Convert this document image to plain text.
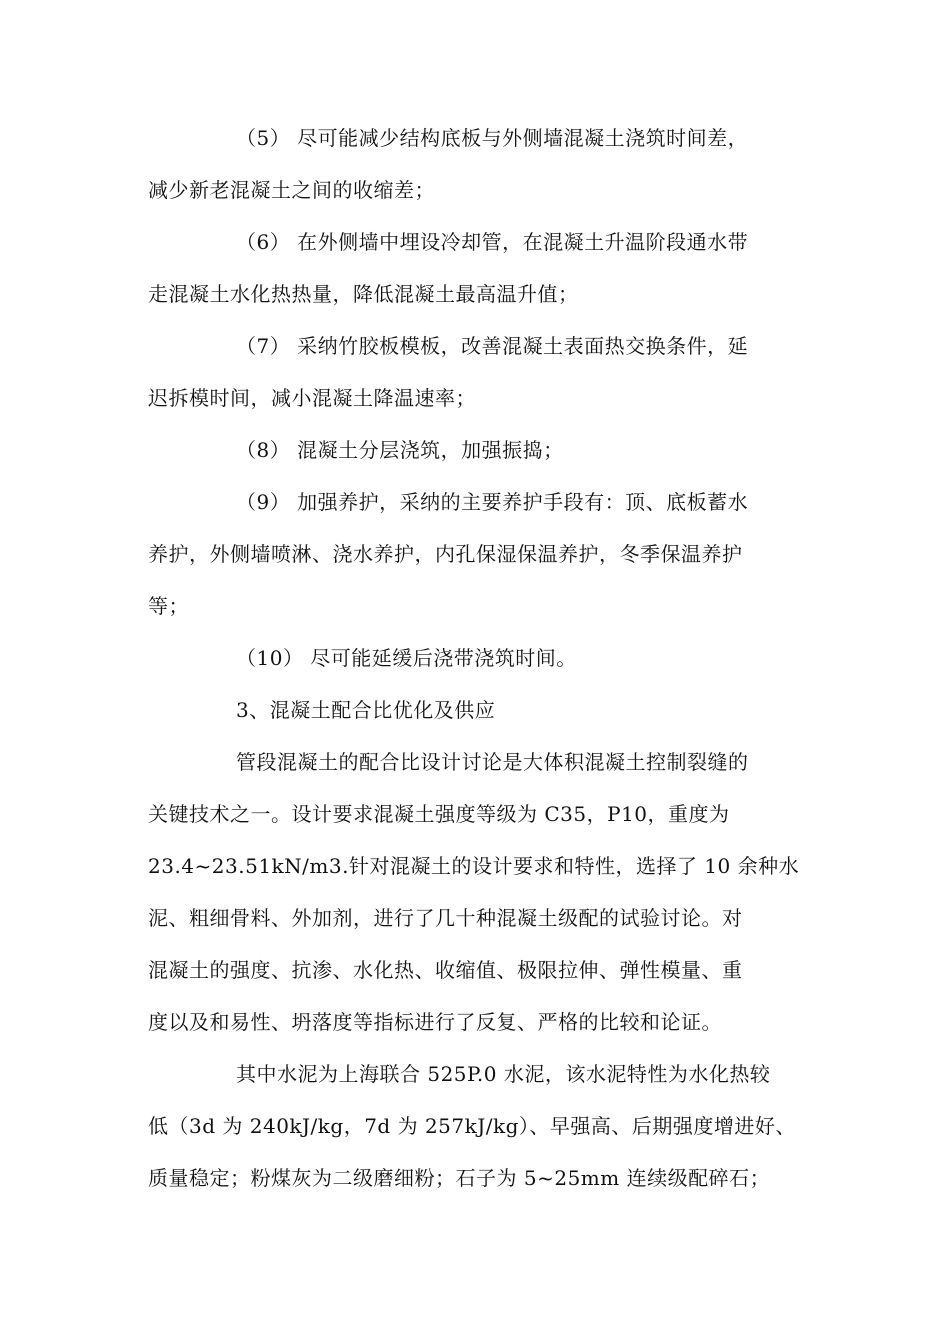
（5） 尽可能减少结构底板与外侧墙混凝土浇筑时间差，
减少新老混凝土之间的收缩差；
（6） 在外侧墙中埋设冷却管，在混凝土升温阶段通水带
走混凝土水化热热量，降低混凝土最高温升值；
（7） 采纳竹胶板模板，改善混凝土表面热交换条件，延
迟拆模时间，减小混凝土降温速率；
（8） 混凝土分层浇筑，加强振捣；
（9） 加强养护，采纳的主要养护手段有：顶、底板蓄水
养护，外侧墙喷淋、浇水养护，内孔保湿保温养护，冬季保温养护
等；
（10） 尽可能延缓后浇带浇筑时间。
3、混凝土配合比优化及供应
管段混凝土的配合比设计讨论是大体积混凝土控制裂缝的
关键技术之一。设计要求混凝土强度等级为 C35，P10，重度为
23.4~23.51kN/m3.针对混凝土的设计要求和特性，选择了 10 余种水
泥、粗细骨料、外加剂，进行了几十种混凝土级配的试验讨论。对
混凝土的强度、抗渗、水化热、收缩值、极限拉伸、弹性模量、重
度以及和易性、坍落度等指标进行了反复、严格的比较和论证。
其中水泥为上海联合 525P.0 水泥，该水泥特性为水化热较
低（3d 为 240kJ/kg，7d 为 257kJ/kg）、早强高、后期强度增进好、
质量稳定；粉煤灰为二级磨细粉；石子为 5~25mm 连续级配碎石；
